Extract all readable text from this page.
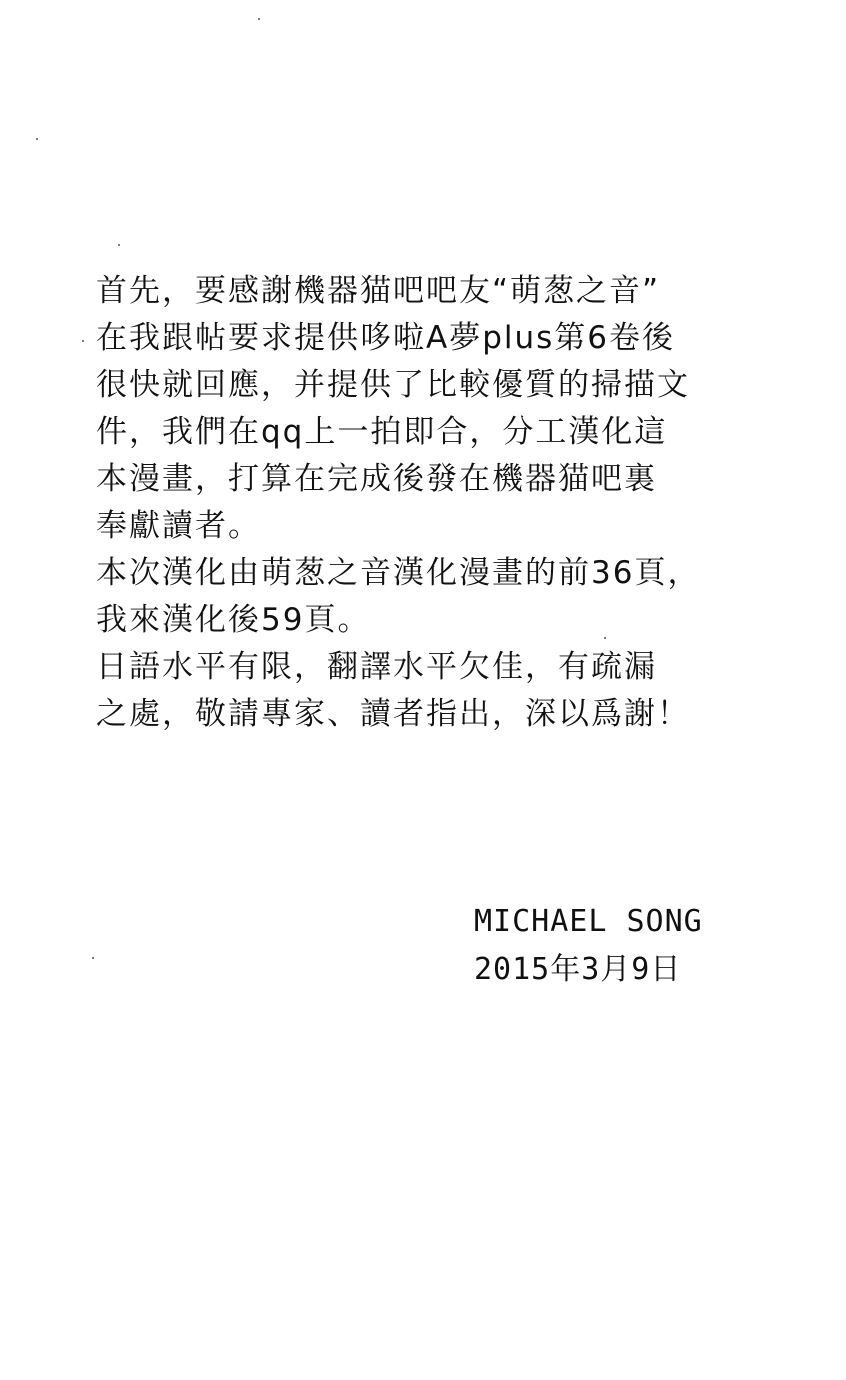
首先，要感謝機器猫吧吧友“萌葱之音”
在我跟帖要求提供哆啦A夢plus第6卷後
很快就回應，并提供了比較優質的掃描文
件，我們在qq上一拍即合，分工漢化這
本漫畫，打算在完成後發在機器猫吧裏
奉獻讀者。
本次漢化由萌葱之音漢化漫畫的前36頁，
我來漢化後59頁。
日語水平有限，翻譯水平欠佳，有疏漏
之處，敬請專家、讀者指出，深以爲謝！
MICHAEL SONG
2015年3月9日
